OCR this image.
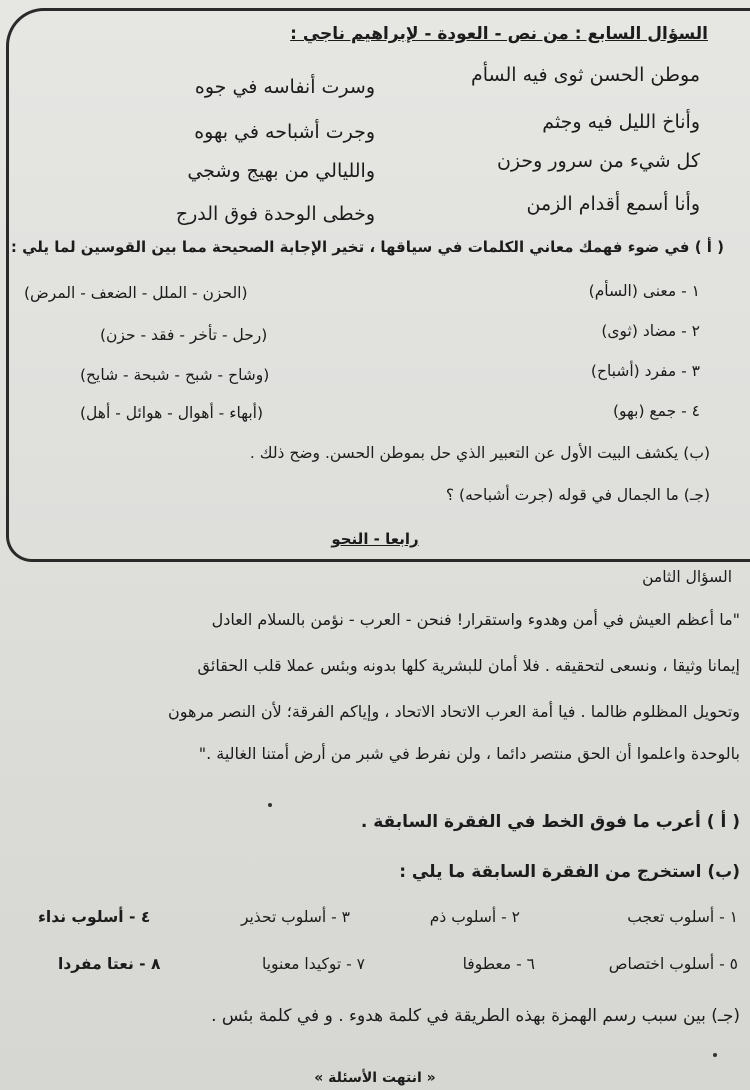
السؤال السابع : من نص - العودة - لإبراهيم ناجي :
موطن الحسن ثوى فيه السأم
وسرت أنفاسه في جوه
وأناخ الليل فيه وجثم
وجرت أشباحه في بهوه
كل شيء من سرور وحزن
والليالي من بهيج وشجي
وأنا أسمع أقدام الزمن
وخطى الوحدة فوق الدرج
( أ ) في ضوء فهمك معاني الكلمات في سياقها ، تخير الإجابة الصحيحة مما بين القوسين لما يلي :
١ - معنى (السأم)
(الحزن - الملل - الضعف - المرض)
٢ - مضاد (ثوى)
(رحل - تأخر - فقد - حزن)
٣ - مفرد (أشباح)
(وشاح - شبح - شبحة - شايح)
٤ - جمع (بهو)
(أبهاء - أهوال - هوائل - أهل)
(ب) يكشف البيت الأول عن التعبير الذي حل بموطن الحسن. وضح ذلك .
(جـ) ما الجمال في قوله (جرت أشباحه) ؟
رابعا - النحو
السؤال الثامن
"ما أعظم العيش في أمن وهدوء واستقرار! فنحن - العرب - نؤمن بالسلام العادل
إيمانا وثيقا ، ونسعى لتحقيقه . فلا أمان للبشرية كلها بدونه وبئس عملا قلب الحقائق
وتحويل المظلوم ظالما . فيا أمة العرب الاتحاد الاتحاد ، وإياكم الفرقة؛ لأن النصر مرهون
بالوحدة واعلموا أن الحق منتصر دائما ، ولن نفرط في شبر من أرض أمتنا الغالية ."
( أ ) أعرب ما فوق الخط في الفقرة السابقة .
(ب) استخرج من الفقرة السابقة ما يلي :
١ - أسلوب تعجب
٢ - أسلوب ذم
٣ - أسلوب تحذير
٤ - أسلوب نداء
٥ - أسلوب اختصاص
٦ - معطوفا
٧ - توكيدا معنويا
٨ - نعتا مفردا
(جـ) بين سبب رسم الهمزة بهذه الطريقة في كلمة هدوء . و في كلمة بئس .
« انتهت الأسئلة »
